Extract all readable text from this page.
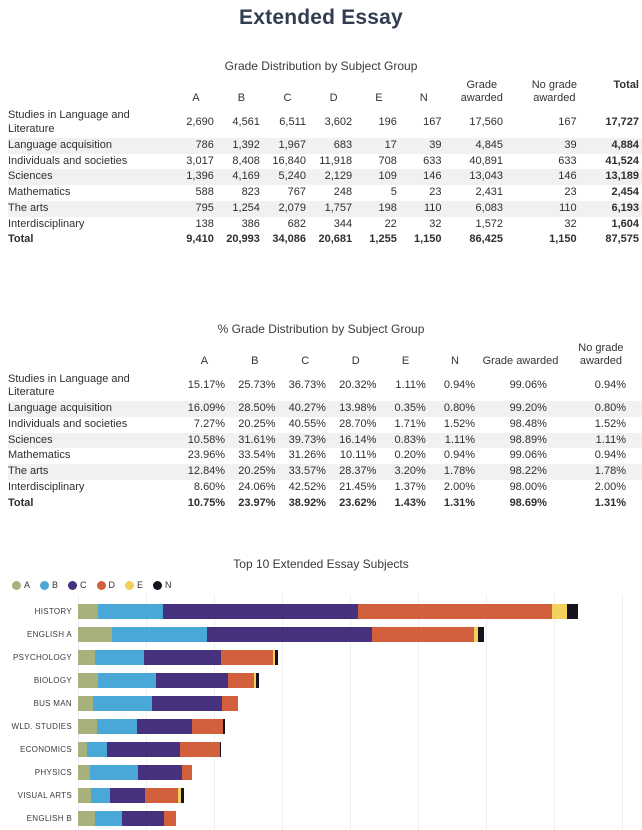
Extended Essay
Grade Distribution by Subject Group
	A	B	C	D	E	N	Grade awarded	No grade awarded	Total
Studies in Language and Literature	2,690	4,561	6,511	3,602	196	167	17,560	167	17,727
Language acquisition	786	1,392	1,967	683	17	39	4,845	39	4,884
Individuals and societies	3,017	8,408	16,840	11,918	708	633	40,891	633	41,524
Sciences	1,396	4,169	5,240	2,129	109	146	13,043	146	13,189
Mathematics	588	823	767	248	5	23	2,431	23	2,454
The arts	795	1,254	2,079	1,757	198	110	6,083	110	6,193
Interdisciplinary	138	386	682	344	22	32	1,572	32	1,604
Total	9,410	20,993	34,086	20,681	1,255	1,150	86,425	1,150	87,575
% Grade Distribution by Subject Group
	A	B	C	D	E	N	Grade awarded	No grade awarded
Studies in Language and Literature	15.17%	25.73%	36.73%	20.32%	1.11%	0.94%	99.06%	0.94%
Language acquisition	16.09%	28.50%	40.27%	13.98%	0.35%	0.80%	99.20%	0.80%
Individuals and societies	7.27%	20.25%	40.55%	28.70%	1.71%	1.52%	98.48%	1.52%
Sciences	10.58%	31.61%	39.73%	16.14%	0.83%	1.11%	98.89%	1.11%
Mathematics	23.96%	33.54%	31.26%	10.11%	0.20%	0.94%	99.06%	0.94%
The arts	12.84%	20.25%	33.57%	28.37%	3.20%	1.78%	98.22%	1.78%
Interdisciplinary	8.60%	24.06%	42.52%	21.45%	1.37%	2.00%	98.00%	2.00%
Total	10.75%	23.97%	38.92%	23.62%	1.43%	1.31%	98.69%	1.31%
Top 10 Extended Essay Subjects
A B C D E N
HISTORY
ENGLISH A
PSYCHOLOGY
BIOLOGY
BUS MAN
WLD. STUDIES
ECONOMICS
PHYSICS
VISUAL ARTS
ENGLISH B
